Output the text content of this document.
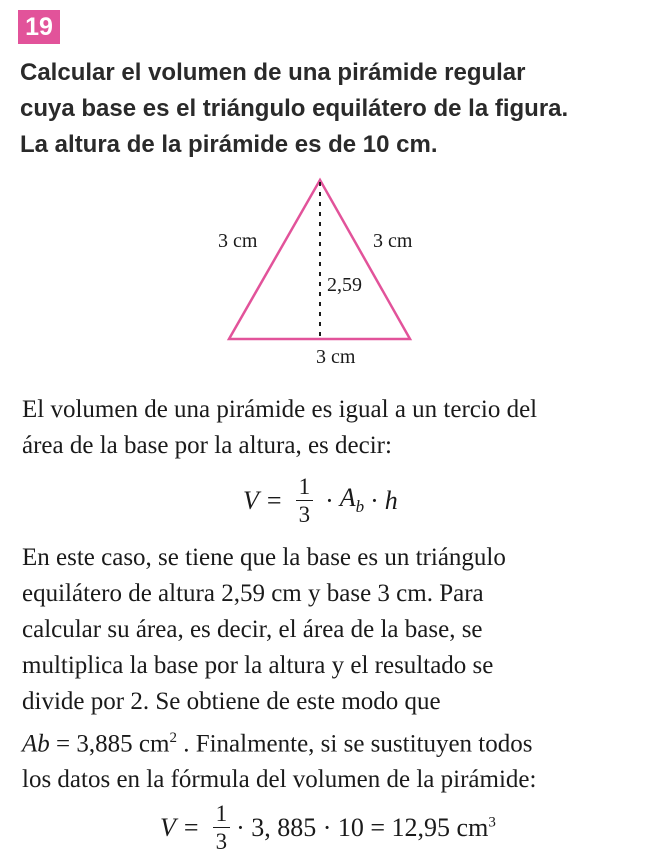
19
Calcular el volumen de una pirámide regular
cuya base es el triángulo equilátero de la figura.
La altura de la pirámide es de 10 cm.
3 cm	3 cm
2,59
3 cm
El volumen de una pirámide es igual a un tercio del
área de la base por la altura, es decir:
$V = \frac{1}{3} \cdot A_b \cdot h$
En este caso, se tiene que la base es un triángulo
equilátero de altura 2,59 cm y base 3 cm. Para
calcular su área, es decir, el área de la base, se
multiplica la base por la altura y el resultado se
divide por 2. Se obtiene de este modo que
Ab = 3,885 $cm^2$ . Finalmente, si se sustituyen todos
los datos en la fórmula del volumen de la pirámide:
$V = \frac{1}{3} \cdot 3$, 885 · 10 = 12,95 $cm^3$
